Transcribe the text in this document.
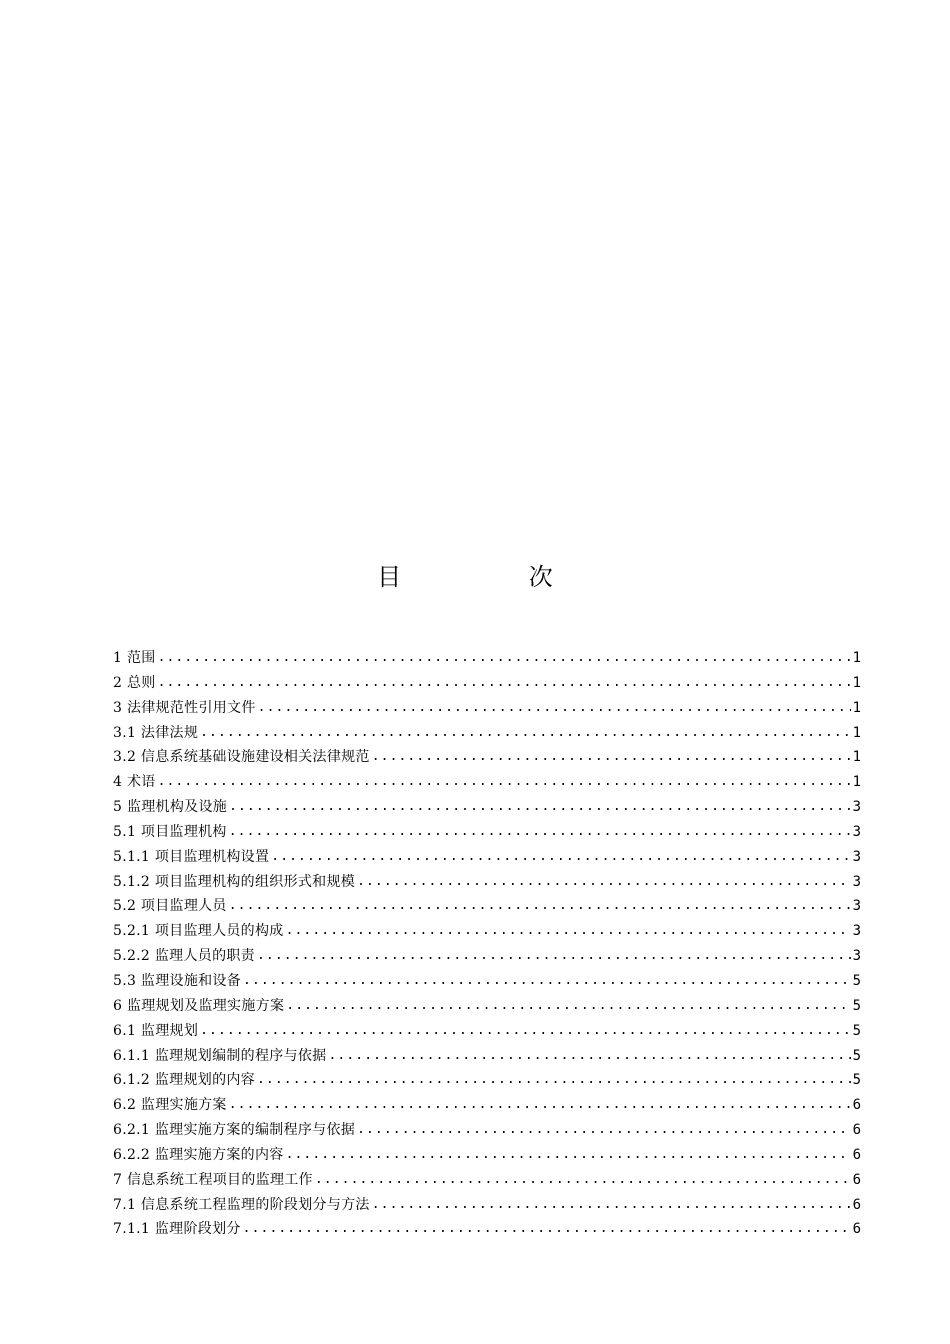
目 次
1 范围 .....	1
2 总则 .....	1
3 法律规范性引用文件 .....	1
3.1 法律法规 .....	1
3.2 信息系统基础设施建设相关法律规范 .....	1
4 术语 .....	1
5 监理机构及设施 .....	3
5.1 项目监理机构 .....	3
5.1.1 项目监理机构设置 .....	3
5.1.2 项目监理机构的组织形式和规模 .....	3
5.2 项目监理人员 .....	3
5.2.1 项目监理人员的构成 .....	3
5.2.2 监理人员的职责 .....	3
5.3 监理设施和设备 .....	5
6 监理规划及监理实施方案 .....	5
6.1 监理规划 .....	5
6.1.1 监理规划编制的程序与依据 .....	5
6.1.2 监理规划的内容 .....	5
6.2 监理实施方案 .....	6
6.2.1 监理实施方案的编制程序与依据 .....	6
6.2.2 监理实施方案的内容 .....	6
7 信息系统工程项目的监理工作 .....	6
7.1 信息系统工程监理的阶段划分与方法 .....	6
7.1.1 监理阶段划分 .....	6
